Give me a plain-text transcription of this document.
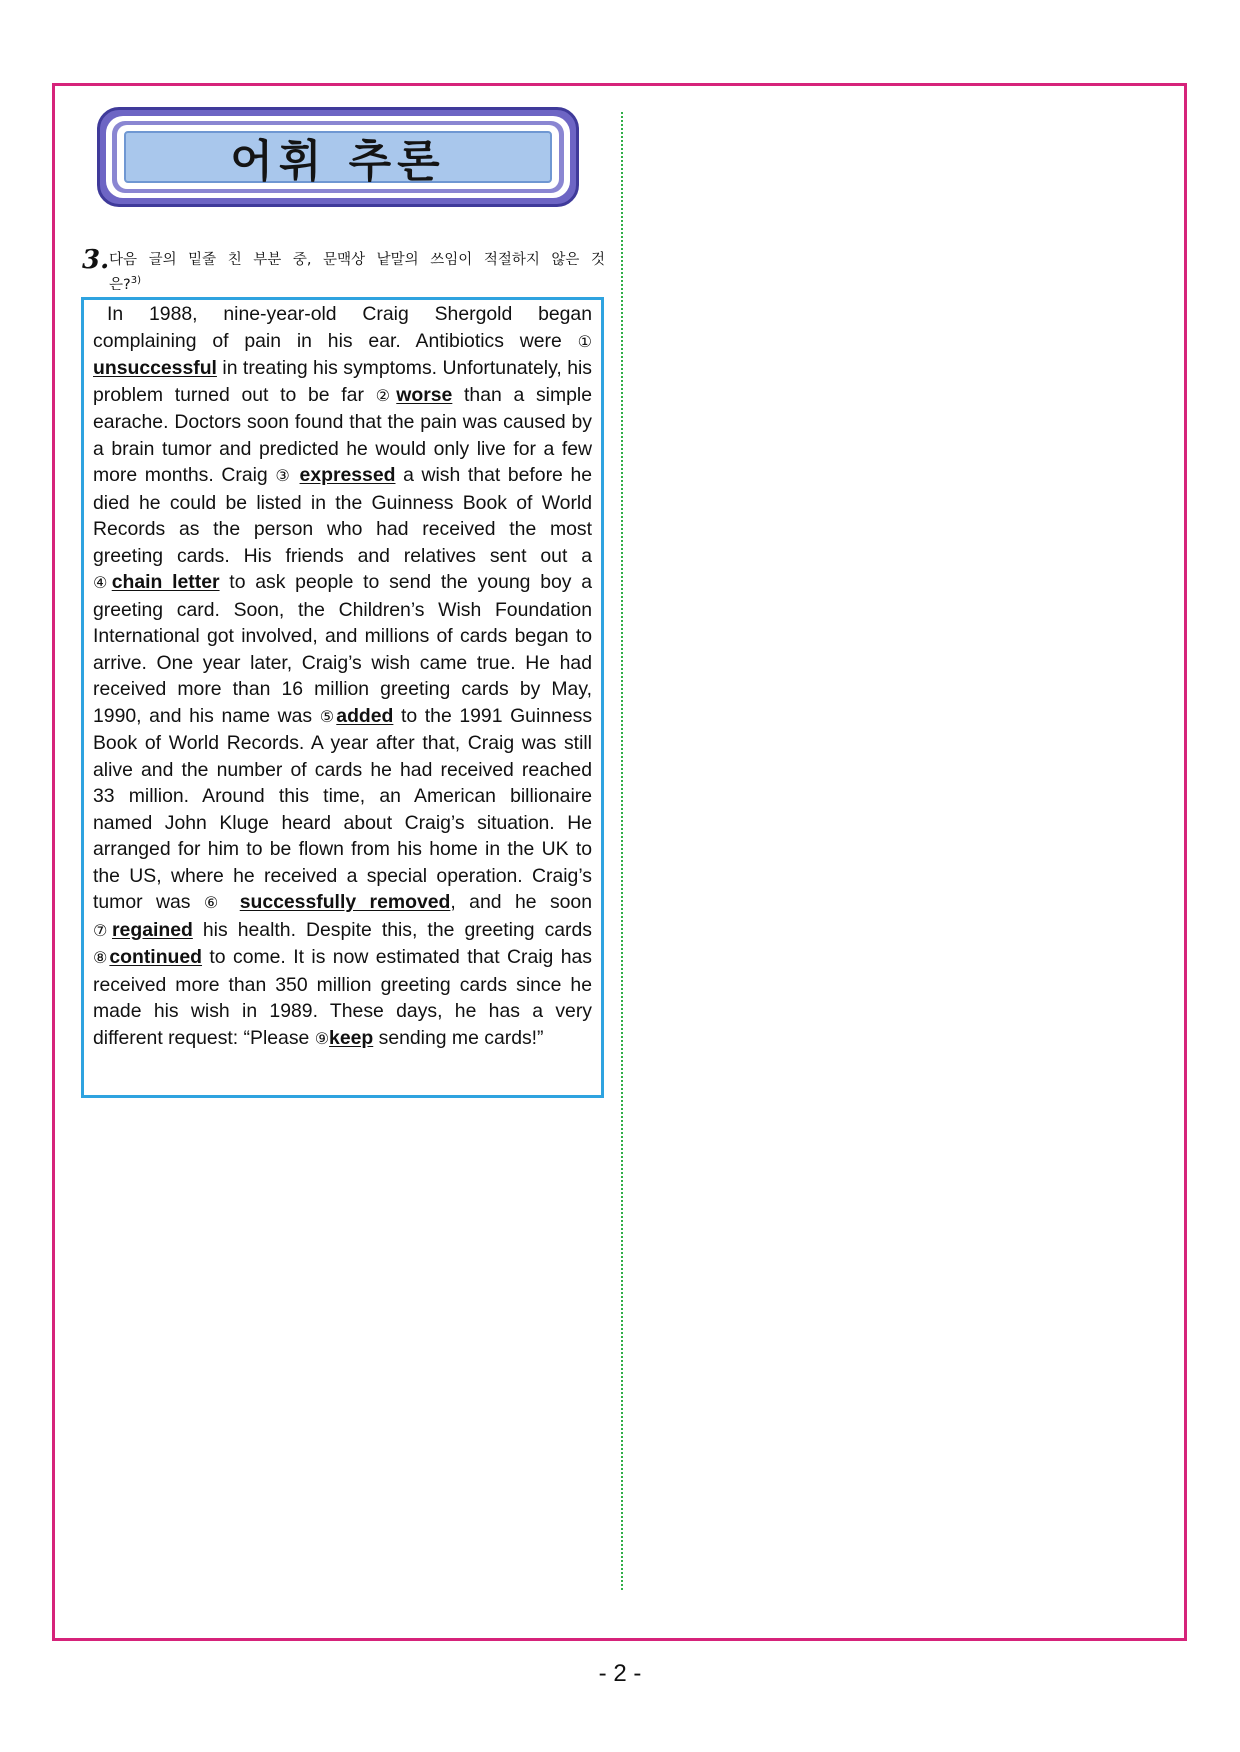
어휘 추론
3. 다음 글의 밑줄 친 부분 중, 문맥상 낱말의 쓰임이 적절하지 않은 것
은?$^{3)}$

In 1988, nine-year-old Craig Shergold began complaining of pain in his ear. Antibiotics were ① unsuccessful in treating his symptoms. Unfortunately, his problem turned out to be far ②worse than a simple earache. Doctors soon found that the pain was caused by a brain tumor and predicted he would only live for a few more months. Craig ③ expressed a wish that before he died he could be listed in the Guinness Book of World Records as the person who had received the most greeting cards. His friends and relatives sent out a ④chain letter to ask people to send the young boy a greeting card. Soon, the Children’s Wish Foundation International got involved, and millions of cards began to arrive. One year later, Craig’s wish came true. He had received more than 16 million greeting cards by May, 1990, and his name was ⑤added to the 1991 Guinness Book of World Records. A year after that, Craig was still alive and the number of cards he had received reached 33 million. Around this time, an American billionaire named John Kluge heard about Craig’s situation. He arranged for him to be flown from his home in the UK to the US, where he received a special operation. Craig’s tumor was ⑥ successfully removed, and he soon ⑦regained his health. Despite this, the greeting cards ⑧continued to come. It is now estimated that Craig has received more than 350 million greeting cards since he made his wish in 1989. These days, he has a very different request: “Please ⑨keep sending me cards!”

- 2 -
